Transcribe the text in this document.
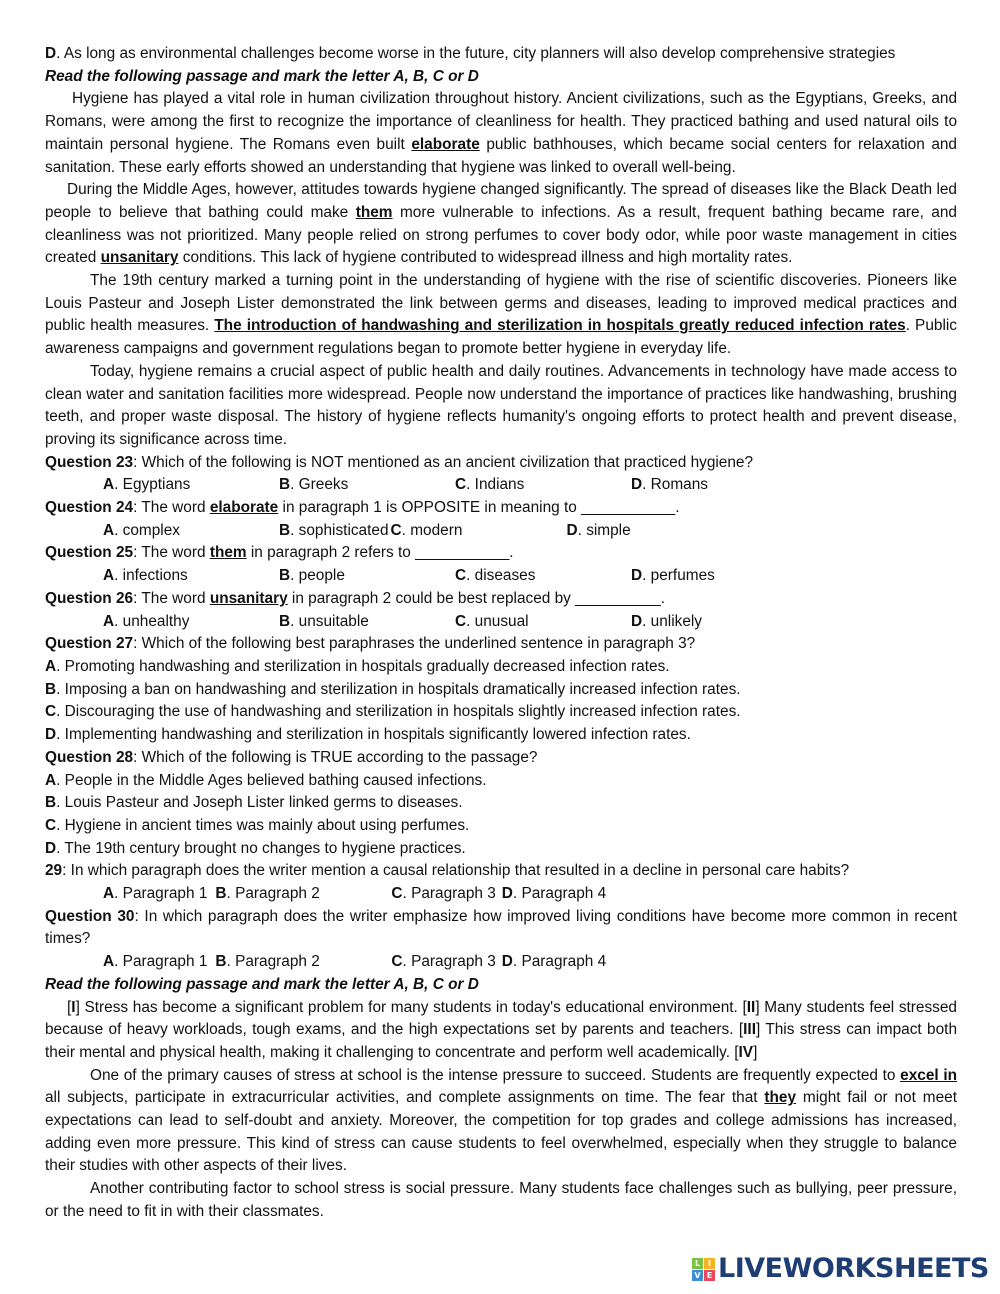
D. As long as environmental challenges become worse in the future, city planners will also develop comprehensive strategies
Read the following passage and mark the letter A, B, C or D
Hygiene has played a vital role in human civilization throughout history. Ancient civilizations, such as the Egyptians, Greeks, and Romans, were among the first to recognize the importance of cleanliness for health. They practiced bathing and used natural oils to maintain personal hygiene. The Romans even built elaborate public bathhouses, which became social centers for relaxation and sanitation. These early efforts showed an understanding that hygiene was linked to overall well-being.
During the Middle Ages, however, attitudes towards hygiene changed significantly. The spread of diseases like the Black Death led people to believe that bathing could make them more vulnerable to infections. As a result, frequent bathing became rare, and cleanliness was not prioritized. Many people relied on strong perfumes to cover body odor, while poor waste management in cities created unsanitary conditions. This lack of hygiene contributed to widespread illness and high mortality rates.
The 19th century marked a turning point in the understanding of hygiene with the rise of scientific discoveries. Pioneers like Louis Pasteur and Joseph Lister demonstrated the link between germs and diseases, leading to improved medical practices and public health measures. The introduction of handwashing and sterilization in hospitals greatly reduced infection rates. Public awareness campaigns and government regulations began to promote better hygiene in everyday life.
Today, hygiene remains a crucial aspect of public health and daily routines. Advancements in technology have made access to clean water and sanitation facilities more widespread. People now understand the importance of practices like handwashing, brushing teeth, and proper waste disposal. The history of hygiene reflects humanity's ongoing efforts to protect health and prevent disease, proving its significance across time.
Question 23: Which of the following is NOT mentioned as an ancient civilization that practiced hygiene?
A. Egyptians	B. Greeks	C. Indians	D. Romans
Question 24: The word elaborate in paragraph 1 is OPPOSITE in meaning to ___________.
A. complex	B. sophisticated C. modern	D. simple
Question 25: The word them in paragraph 2 refers to ___________.
A. infections	B. people	C. diseases	D. perfumes
Question 26: The word unsanitary in paragraph 2 could be best replaced by __________.
A. unhealthy	B. unsuitable	C. unusual	D. unlikely
Question 27: Which of the following best paraphrases the underlined sentence in paragraph 3?
A. Promoting handwashing and sterilization in hospitals gradually decreased infection rates.
B. Imposing a ban on handwashing and sterilization in hospitals dramatically increased infection rates.
C. Discouraging the use of handwashing and sterilization in hospitals slightly increased infection rates.
D. Implementing handwashing and sterilization in hospitals significantly lowered infection rates.
Question 28: Which of the following is TRUE according to the passage?
A. People in the Middle Ages believed bathing caused infections.
B. Louis Pasteur and Joseph Lister linked germs to diseases.
C. Hygiene in ancient times was mainly about using perfumes.
D. The 19th century brought no changes to hygiene practices.
29: In which paragraph does the writer mention a causal relationship that resulted in a decline in personal care habits?
A. Paragraph 1 B. Paragraph 2	C. Paragraph 3 D. Paragraph 4
Question 30: In which paragraph does the writer emphasize how improved living conditions have become more common in recent times?
A. Paragraph 1 B. Paragraph 2	C. Paragraph 3 D. Paragraph 4
Read the following passage and mark the letter A, B, C or D
[I] Stress has become a significant problem for many students in today's educational environment. [II] Many students feel stressed because of heavy workloads, tough exams, and the high expectations set by parents and teachers. [III] This stress can impact both their mental and physical health, making it challenging to concentrate and perform well academically. [IV]
One of the primary causes of stress at school is the intense pressure to succeed. Students are frequently expected to excel in all subjects, participate in extracurricular activities, and complete assignments on time. The fear that they might fail or not meet expectations can lead to self-doubt and anxiety. Moreover, the competition for top grades and college admissions has increased, adding even more pressure. This kind of stress can cause students to feel overwhelmed, especially when they struggle to balance their studies with other aspects of their lives.
Another contributing factor to school stress is social pressure. Many students face challenges such as bullying, peer pressure, or the need to fit in with their classmates.
L I
V E LIVEWORKSHEETS
